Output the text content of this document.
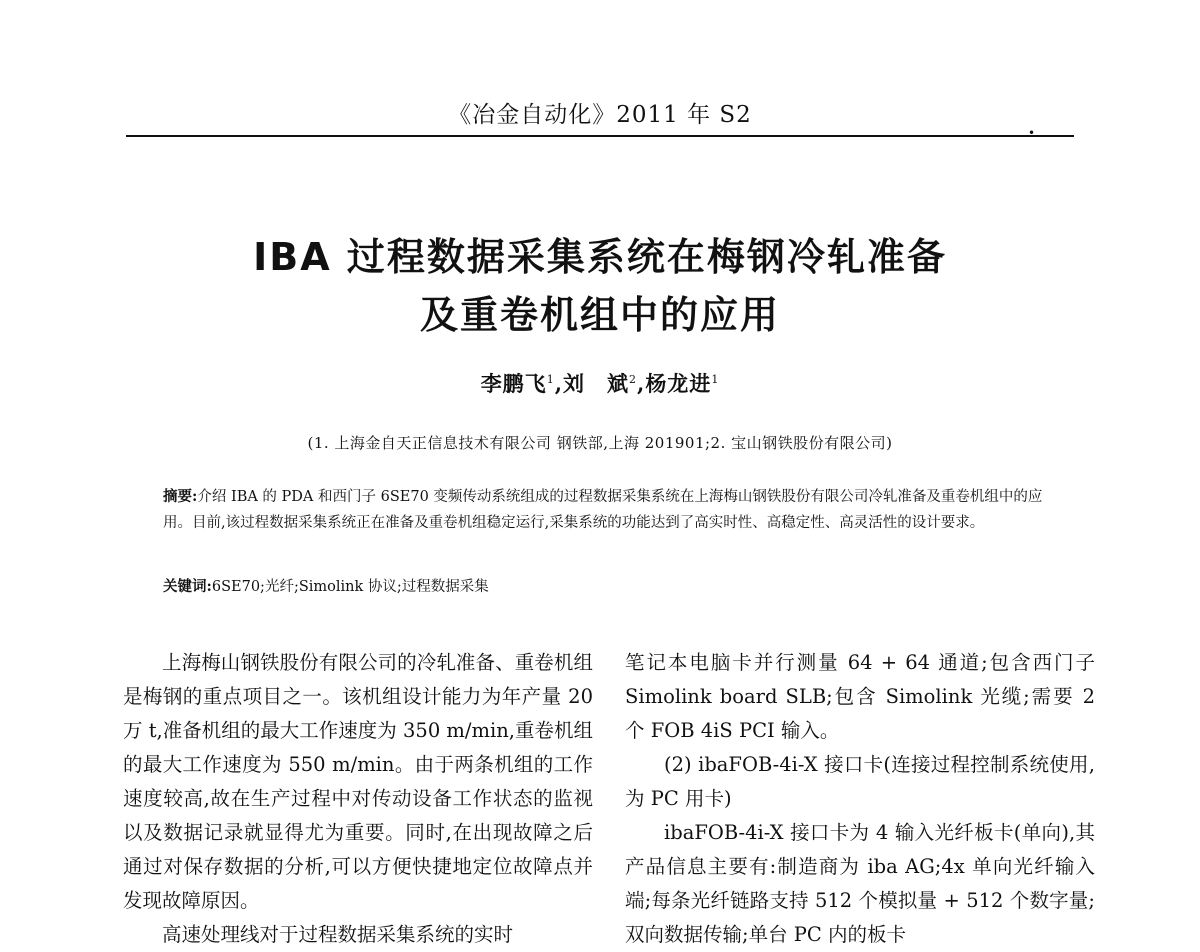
《冶金自动化》2011 年 S2
•
IBA 过程数据采集系统在梅钢冷轧准备
及重卷机组中的应用
李鹏飞$^1$,刘　斌$^2$,杨龙进$^1$
(1. 上海金自天正信息技术有限公司 钢铁部,上海 201901;2. 宝山钢铁股份有限公司)
摘要:介绍 IBA 的 PDA 和西门子 6SE70 变频传动系统组成的过程数据采集系统在上海梅山钢铁股份有限公司冷轧准备及重卷机组中的应用。目前,该过程数据采集系统正在准备及重卷机组稳定运行,采集系统的功能达到了高实时性、高稳定性、高灵活性的设计要求。
关键词:6SE70;光纤;Simolink 协议;过程数据采集

上海梅山钢铁股份有限公司的冷轧准备、重卷机组是梅钢的重点项目之一。该机组设计能力为年产量 20 万 t,准备机组的最大工作速度为 350 m/min,重卷机组的最大工作速度为 550 m/min。由于两条机组的工作速度较高,故在生产过程中对传动设备工作状态的监视以及数据记录就显得尤为重要。同时,在出现故障之后通过对保存数据的分析,可以方便快捷地定位故障点并发现故障原因。

高速处理线对于过程数据采集系统的实时

笔记本电脑卡并行测量 64 + 64 通道;包含西门子 Simolink board SLB;包含 Simolink 光缆;需要 2 个 FOB 4iS PCI 输入。

(2) ibaFOB-4i-X 接口卡(连接过程控制系统使用,为 PC 用卡)

ibaFOB-4i-X 接口卡为 4 输入光纤板卡(单向),其产品信息主要有:制造商为 iba AG;4x 单向光纤输入端;每条光纤链路支持 512 个模拟量 + 512 个数字量;双向数据传输;单台 PC 内的板卡
